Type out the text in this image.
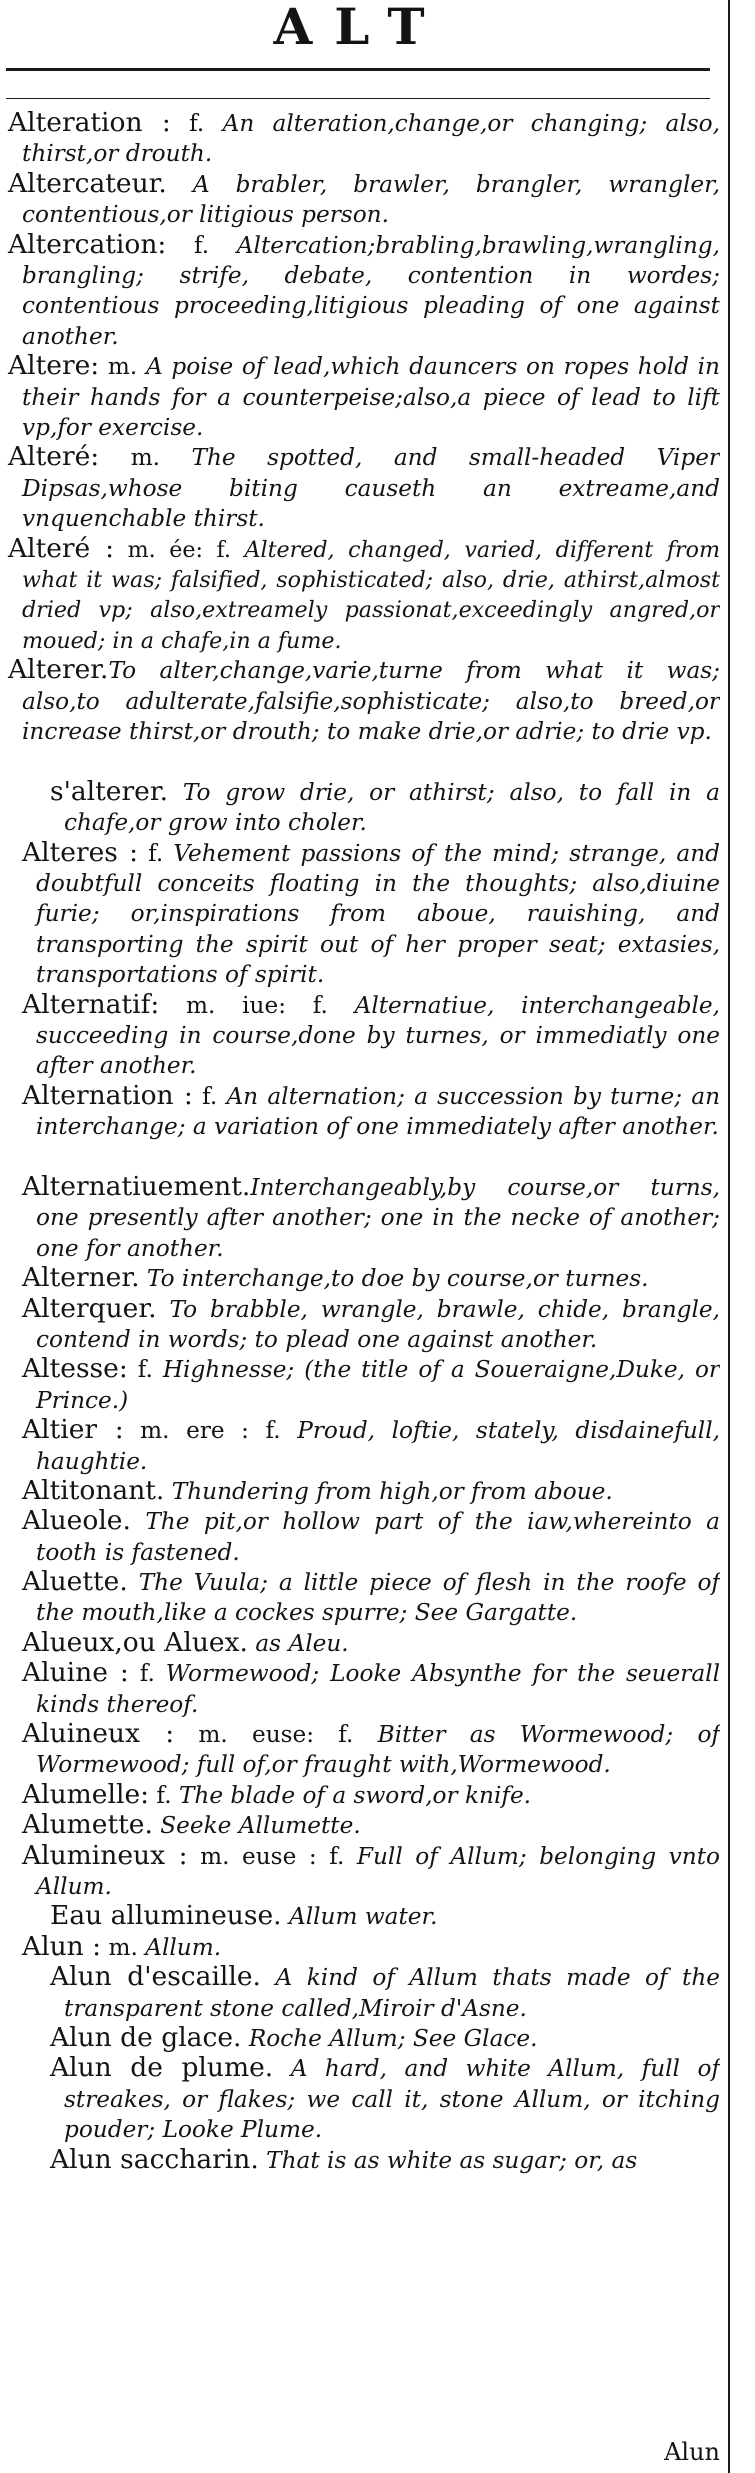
ALT

Alteration : f. An alteration,change,or changing; also, thirst,or drouth.

Altercateur. A brabler, brawler, brangler, wrangler, contentious,or litigious person.

Altercation: f. Altercation;brabling,brawling,wrangling, brangling; strife, debate, contention in wordes; contentious proceeding,litigious pleading of one against another.

Altere: m. A poise of lead,which dauncers on ropes hold in their hands for a counterpeise;also,a piece of lead to lift vp,for exercise.

Alteré: m. The spotted, and small-headed Viper Dipsas,whose biting causeth an extreame,and vnquenchable thirst.

Alteré : m. ée: f. Altered, changed, varied, different from what it was; falsified, sophisticated; also, drie, athirst,almost dried vp; also,extreamely passionat,exceedingly angred,or moued; in a chafe,in a fume.

Alterer.To alter,change,varie,turne from what it was; also,to adulterate,falsifie,sophisticate; also,to breed,or increase thirst,or drouth; to make drie,or adrie; to drie vp.

s'alterer. To grow drie, or athirst; also, to fall in a chafe,or grow into choler.

Alteres : f. Vehement passions of the mind; strange, and doubtfull conceits floating in the thoughts; also,diuine furie; or,inspirations from aboue, rauishing, and transporting the spirit out of her proper seat; extasies, transportations of spirit.

Alternatif: m. iue: f. Alternatiue, interchangeable, succeeding in course,done by turnes, or immediatly one after another.

Alternation : f. An alternation; a succession by turne; an interchange; a variation of one immediately after another.

Alternatiuement.Interchangeably,by course,or turns, one presently after another; one in the necke of another; one for another.

Alterner. To interchange,to doe by course,or turnes.

Alterquer. To brabble, wrangle, brawle, chide, brangle, contend in words; to plead one against another.

Altesse: f. Highnesse; (the title of a Soueraigne,Duke, or Prince.)

Altier : m. ere : f. Proud, loftie, stately, disdainefull, haughtie.

Altitonant. Thundering from high,or from aboue.

Alueole. The pit,or hollow part of the iaw,whereinto a tooth is fastened.

Aluette. The Vuula; a little piece of flesh in the roofe of the mouth,like a cockes spurre; See Gargatte.

Alueux,ou Aluex. as Aleu.

Aluine : f. Wormewood; Looke Absynthe for the seuerall kinds thereof.

Aluineux : m. euse: f. Bitter as Wormewood; of Wormewood; full of,or fraught with,Wormewood.

Alumelle: f. The blade of a sword,or knife.

Alumette. Seeke Allumette.

Alumineux : m. euse : f. Full of Allum; belonging vnto Allum.

Eau allumineuse. Allum water.

Alun : m. Allum.

Alun d'escaille. A kind of Allum thats made of the transparent stone called,Miroir d'Asne.

Alun de glace. Roche Allum; See Glace.

Alun de plume. A hard, and white Allum, full of streakes, or flakes; we call it, stone Allum, or itching pouder; Looke Plume.

Alun saccharin. That is as white as sugar; or, as

Alun
